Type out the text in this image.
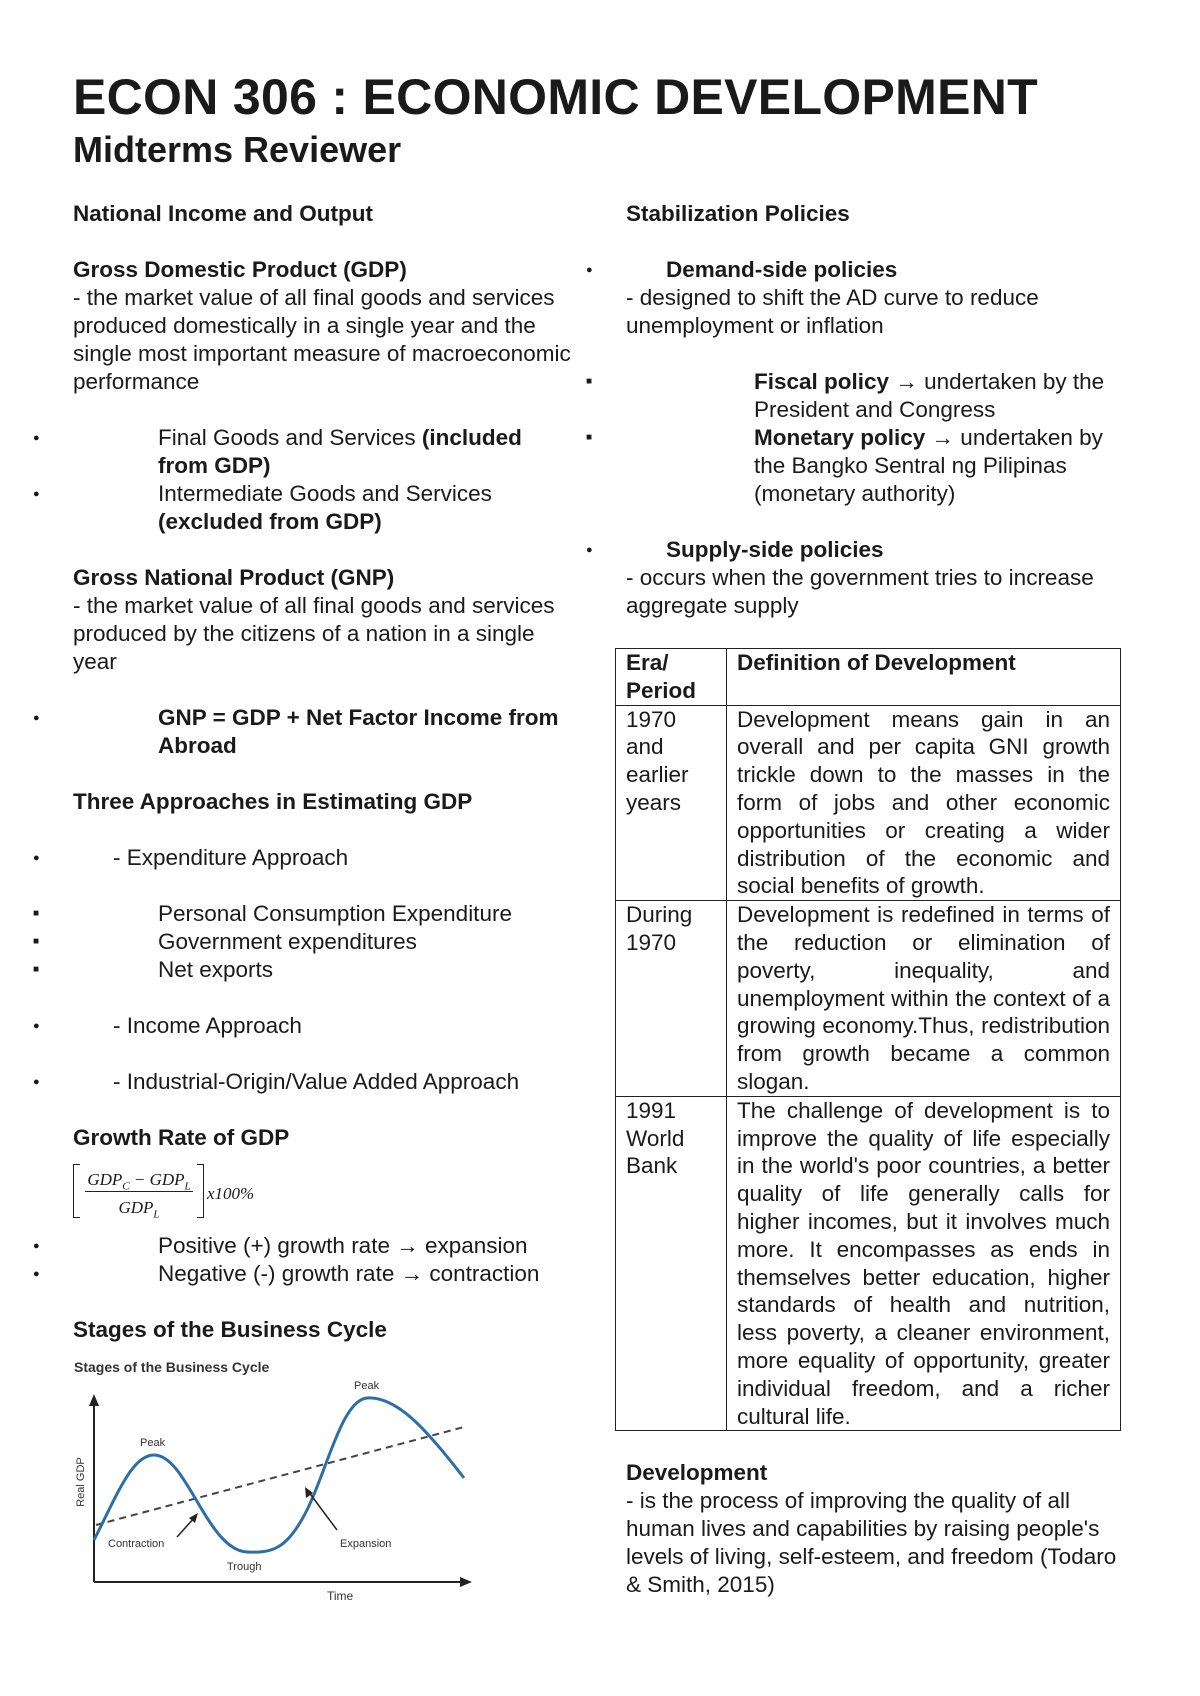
ECON 306 : ECONOMIC DEVELOPMENT
Midterms Reviewer

National Income and Output

Gross Domestic Product (GDP)

- the market value of all final goods and services produced domestically in a single year and the single most important measure of macroeconomic performance

● Final Goods and Services (included from GDP)
● Intermediate Goods and Services (excluded from GDP)

Gross National Product (GNP)

- the market value of all final goods and services produced by the citizens of a nation in a single year

● GNP = GDP + Net Factor Income from Abroad

Three Approaches in Estimating GDP

● - Expenditure Approach
■ Personal Consumption Expenditure
■ Government expenditures
■ Net exports
● - Income Approach
● - Industrial-Origin/Value Added Approach

Growth Rate of GDP

$GDP_C - GDP_L$
$GDP_L$
x100%
● Positive (+) growth rate → expansion
● Negative (-) growth rate → contraction

Stages of the Business Cycle

Stages of the Business Cycle
Real GDP
Time
Peak
Peak
Trough
Contraction	Expansion

Stabilization Policies

● Demand-side policies

- designed to shift the AD curve to reduce unemployment or inflation

■ Fiscal policy → undertaken by the President and Congress
■ Monetary policy → undertaken by the Bangko Sentral ng Pilipinas (monetary authority)
● Supply-side policies

- occurs when the government tries to increase aggregate supply

Era/ Period	Definition of Development
1970 and earlier years	Development means gain in an overall and per capita GNI growth trickle down to the masses in the form of jobs and other economic opportunities or creating a wider distribution of the economic and social benefits of growth.
During 1970	Development is redefined in terms of the reduction or elimination of poverty, inequality, and unemployment within the context of a growing economy.Thus, redistribution from growth became a common slogan.
1991 World Bank	The challenge of development is to improve the quality of life especially in the world's poor countries, a better quality of life generally calls for higher incomes, but it involves much more. It encompasses as ends in themselves better education, higher standards of health and nutrition, less poverty, a cleaner environment, more equality of opportunity, greater individual freedom, and a richer cultural life.

Development

- is the process of improving the quality of all human lives and capabilities by raising people's levels of living, self-esteem, and freedom (Todaro & Smith, 2015)
